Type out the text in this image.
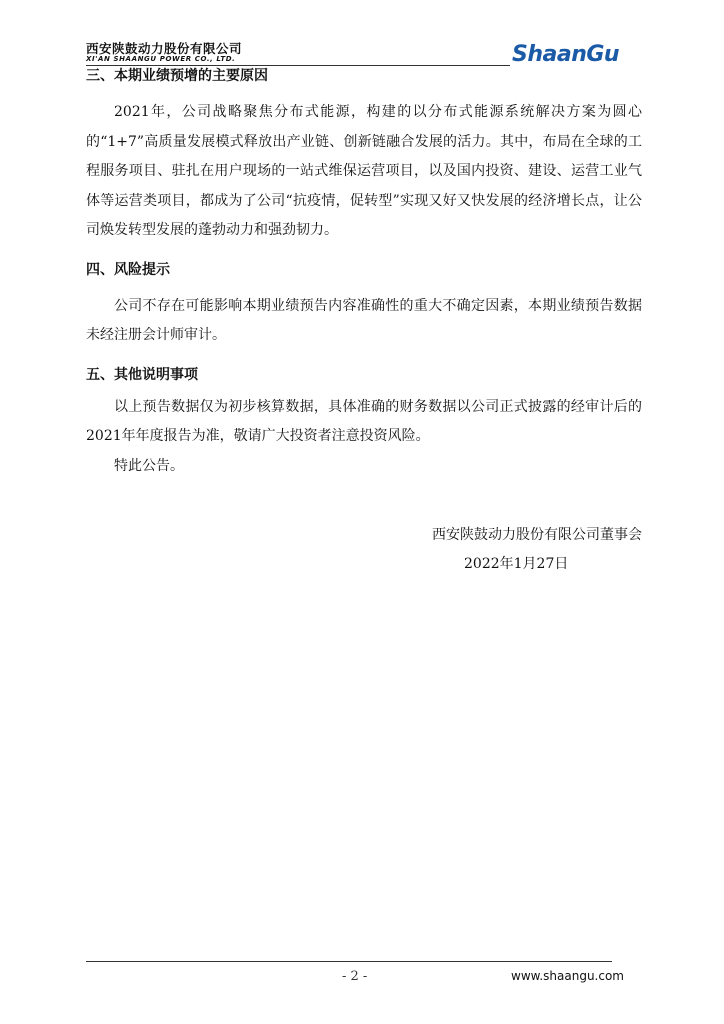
西安陕鼓动力股份有限公司
XI'AN SHAANGU POWER CO., LTD.	ShaanGu

三、本期业绩预增的主要原因

2021年，公司战略聚焦分布式能源，构建的以分布式能源系统解决方案为圆心的“1+7”高质量发展模式释放出产业链、创新链融合发展的活力。其中，布局在全球的工程服务项目、驻扎在用户现场的一站式维保运营项目，以及国内投资、建设、运营工业气体等运营类项目，都成为了公司“抗疫情，促转型”实现又好又快发展的经济增长点，让公司焕发转型发展的蓬勃动力和强劲韧力。

四、风险提示

公司不存在可能影响本期业绩预告内容准确性的重大不确定因素，本期业绩预告数据未经注册会计师审计。

五、其他说明事项

以上预告数据仅为初步核算数据，具体准确的财务数据以公司正式披露的经审计后的2021年年度报告为准，敬请广大投资者注意投资风险。

特此公告。

西安陕鼓动力股份有限公司董事会
2022年1月27日
- 2 -	www.shaangu.com
